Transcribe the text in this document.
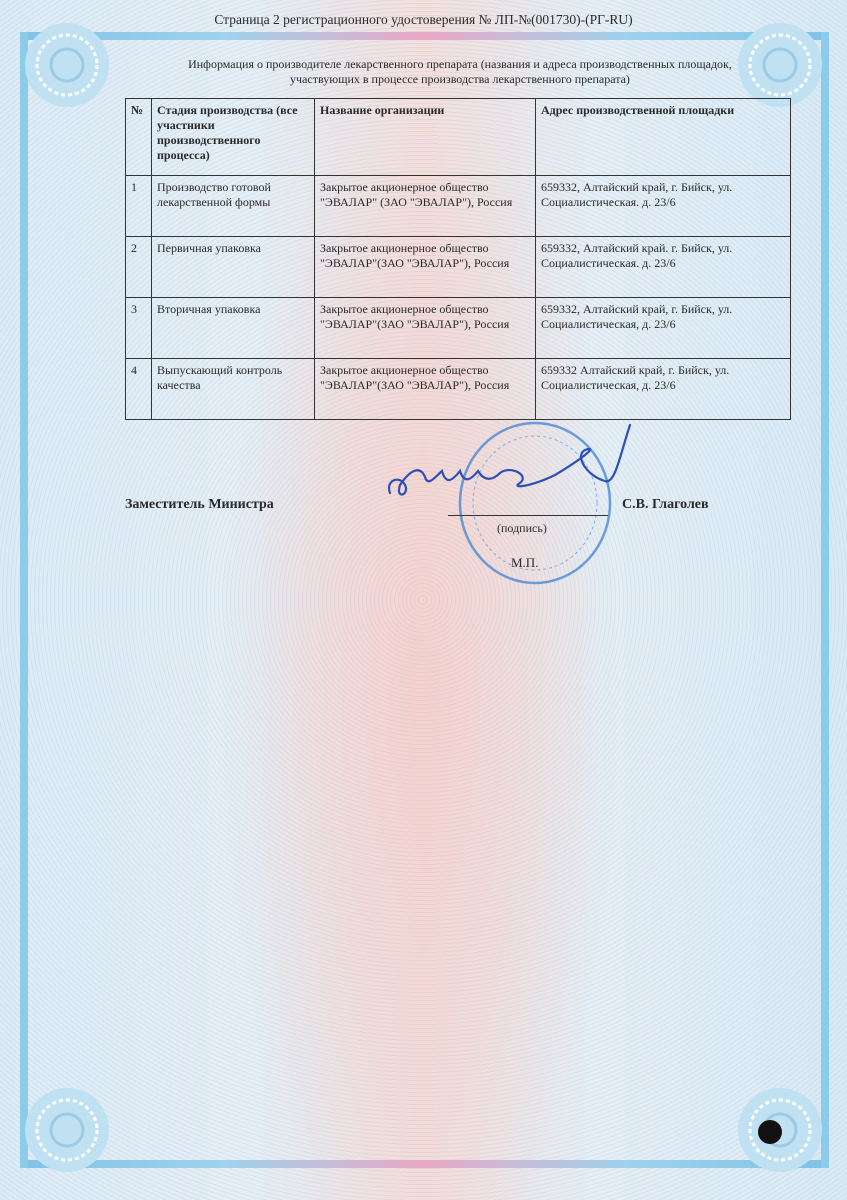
Страница 2 регистрационного удостоверения № ЛП-№(001730)-(РГ-RU)
Информация о производителе лекарственного препарата (названия и адреса производственных площадок,
участвующих в процессе производства лекарственного препарата)
№	Стадия производства (все участники производственного процесса)	Название организации	Адрес производственной площадки
1	Производство готовой лекарственной формы	Закрытое акционерное общество "ЭВАЛАР" (ЗАО "ЭВАЛАР"), Россия	659332, Алтайский край, г. Бийск, ул. Социалистическая. д. 23/6
2	Первичная упаковка	Закрытое акционерное общество "ЭВАЛАР"(ЗАО "ЭВАЛАР"), Россия	659332, Алтайский край. г. Бийск, ул. Социалистическая. д. 23/6
3	Вторичная упаковка	Закрытое акционерное общество "ЭВАЛАР"(ЗАО "ЭВАЛАР"), Россия	659332, Алтайский край, г. Бийск, ул. Социалистическая, д. 23/6
4	Выпускающий контроль качества	Закрытое акционерное общество "ЭВАЛАР"(ЗАО "ЭВАЛАР"), Россия	659332 Алтайский край, г. Бийск, ул. Социалистическая, д. 23/6
Заместитель Министра	С.В. Глаголев
(подпись)
М.П.
